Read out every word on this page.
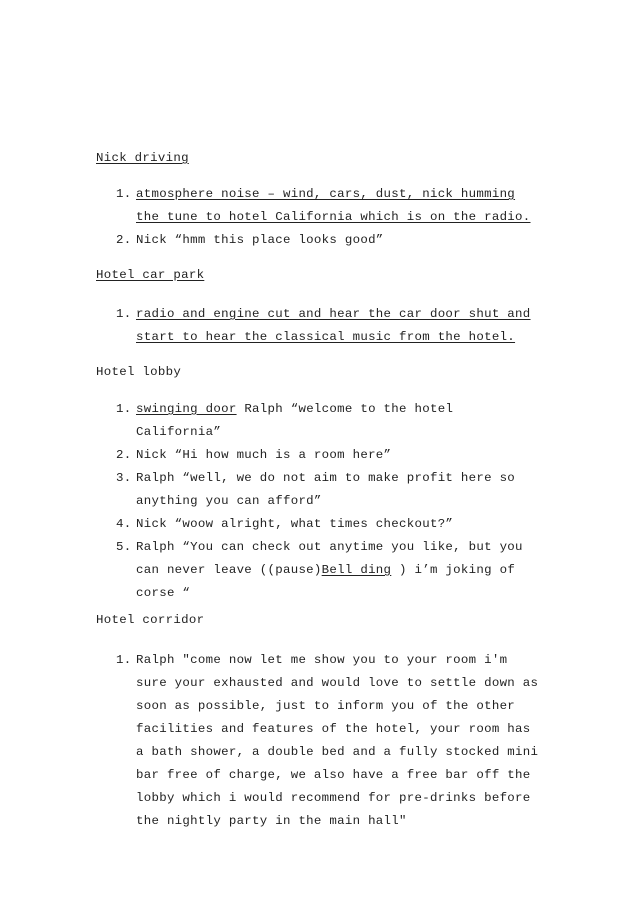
Nick driving
1. atmosphere noise – wind, cars, dust, nick humming
the tune to hotel California which is on the radio.
2. Nick “hmm this place looks good”
Hotel car park
1. radio and engine cut and hear the car door shut and
start to hear the classical music from the hotel.
Hotel lobby
1. swinging door Ralph “welcome to the hotel
California”
2. Nick “Hi how much is a room here”
3. Ralph “well, we do not aim to make profit here so
anything you can afford”
4. Nick “woow alright, what times checkout?”
5. Ralph “You can check out anytime you like, but you
can never leave ((pause)Bell ding ) i’m joking of
corse “
Hotel corridor
1. Ralph "come now let me show you to your room i'm
sure your exhausted and would love to settle down as
soon as possible, just to inform you of the other
facilities and features of the hotel, your room has
a bath shower, a double bed and a fully stocked mini
bar free of charge, we also have a free bar off the
lobby which i would recommend for pre-drinks before
the nightly party in the main hall"
